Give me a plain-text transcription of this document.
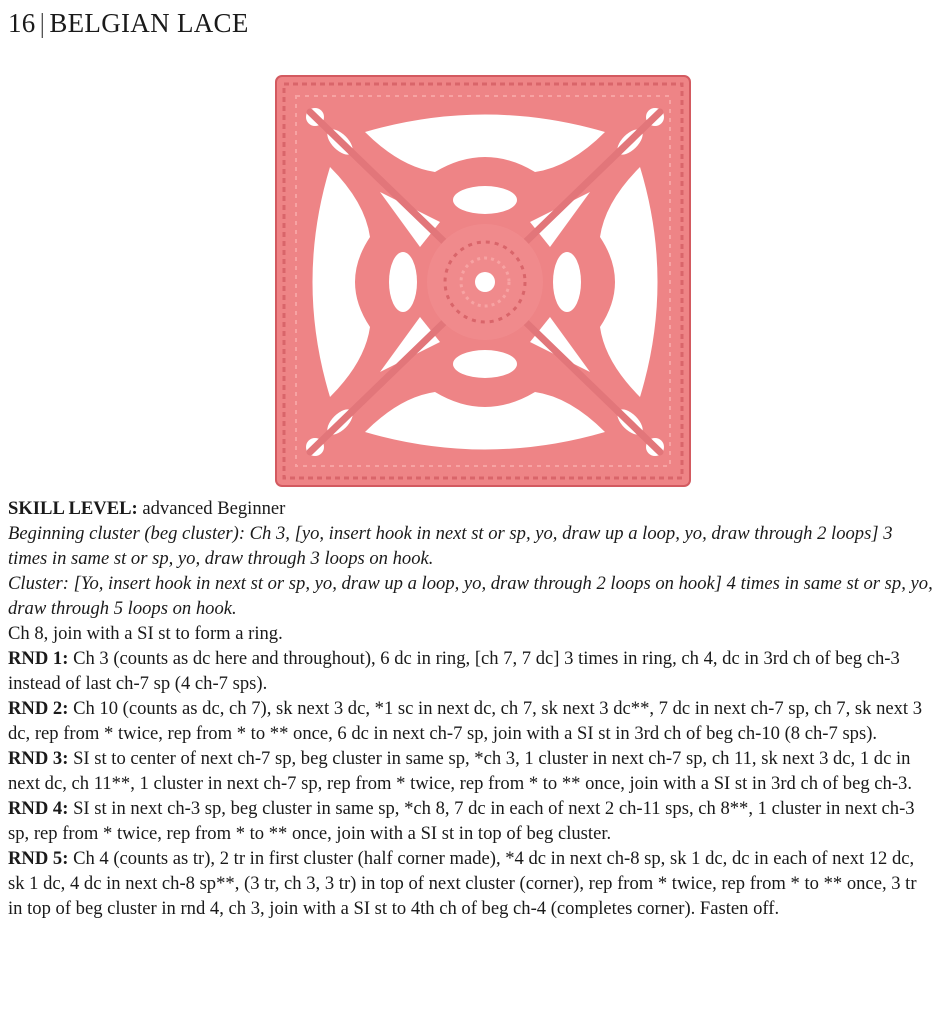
16 | BELGIAN LACE

SKILL LEVEL: advanced Beginner

Beginning cluster (beg cluster): Ch 3, [yo, insert hook in next st or sp, yo, draw up a loop, yo, draw through 2 loops] 3 times in same st or sp, yo, draw through 3 loops on hook.

Cluster: [Yo, insert hook in next st or sp, yo, draw up a loop, yo, draw through 2 loops on hook] 4 times in same st or sp, yo, draw through 5 loops on hook.

Ch 8, join with a SI st to form a ring.

RND 1: Ch 3 (counts as dc here and throughout), 6 dc in ring, [ch 7, 7 dc] 3 times in ring, ch 4, dc in 3rd ch of beg ch-3 instead of last ch-7 sp (4 ch-7 sps).

RND 2: Ch 10 (counts as dc, ch 7), sk next 3 dc, *1 sc in next dc, ch 7, sk next 3 dc**, 7 dc in next ch-7 sp, ch 7, sk next 3 dc, rep from * twice, rep from * to ** once, 6 dc in next ch-7 sp, join with a SI st in 3rd ch of beg ch-10 (8 ch-7 sps).

RND 3: SI st to center of next ch-7 sp, beg cluster in same sp, *ch 3, 1 cluster in next ch-7 sp, ch 11, sk next 3 dc, 1 dc in next dc, ch 11**, 1 cluster in next ch-7 sp, rep from * twice, rep from * to ** once, join with a SI st in 3rd ch of beg ch-3.

RND 4: SI st in next ch-3 sp, beg cluster in same sp, *ch 8, 7 dc in each of next 2 ch-11 sps, ch 8**, 1 cluster in next ch-3 sp, rep from * twice, rep from * to ** once, join with a SI st in top of beg cluster.

RND 5: Ch 4 (counts as tr), 2 tr in first cluster (half corner made), *4 dc in next ch-8 sp, sk 1 dc, dc in each of next 12 dc, sk 1 dc, 4 dc in next ch-8 sp**, (3 tr, ch 3, 3 tr) in top of next cluster (corner), rep from * twice, rep from * to ** once, 3 tr in top of beg cluster in rnd 4, ch 3, join with a SI st to 4th ch of beg ch-4 (completes corner). Fasten off.
